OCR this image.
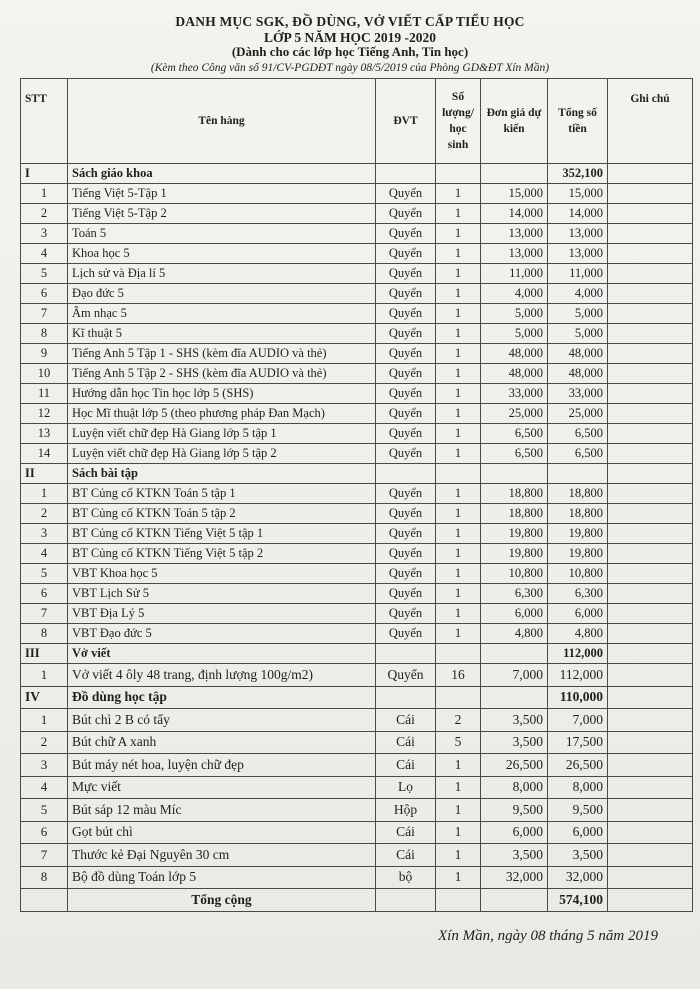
DANH MỤC SGK, ĐỒ DÙNG, VỞ VIẾT CẤP TIỂU HỌC
LỚP 5 NĂM HỌC 2019 -2020
(Dành cho các lớp học Tiếng Anh, Tin học)
(Kèm theo Công văn số 91/CV-PGDĐT ngày 08/5/2019 của Phòng GD&ĐT Xín Mần)
STT	Tên hàng	ĐVT	Số lượng/ học sinh	Đơn giá dự kiến	Tổng số tiền	Ghi chú
I	Sách giáo khoa				352,100	
1	Tiếng Việt 5-Tập 1	Quyển	1	15,000	15,000	
2	Tiếng Việt 5-Tập 2	Quyển	1	14,000	14,000	
3	Toán 5	Quyển	1	13,000	13,000	
4	Khoa học 5	Quyển	1	13,000	13,000	
5	Lịch sử và Địa lí 5	Quyển	1	11,000	11,000	
6	Đạo đức 5	Quyển	1	4,000	4,000	
7	Âm nhạc 5	Quyển	1	5,000	5,000	
8	Kĩ thuật 5	Quyển	1	5,000	5,000	
9	Tiếng Anh 5 Tập 1 - SHS (kèm đĩa AUDIO và thẻ)	Quyển	1	48,000	48,000	
10	Tiếng Anh 5 Tập 2 - SHS (kèm đĩa AUDIO và thẻ)	Quyển	1	48,000	48,000	
11	Hướng dẫn học Tin học lớp 5 (SHS)	Quyển	1	33,000	33,000	
12	Học Mĩ thuật lớp 5 (theo phương pháp Đan Mạch)	Quyển	1	25,000	25,000	
13	Luyện viết chữ đẹp Hà Giang lớp 5 tập 1	Quyển	1	6,500	6,500	
14	Luyện viết chữ đẹp Hà Giang lớp 5 tập 2	Quyển	1	6,500	6,500	
II	Sách bài tập					
1	BT Củng cố KTKN Toán 5 tập 1	Quyển	1	18,800	18,800	
2	BT Củng cố KTKN Toán 5 tập 2	Quyển	1	18,800	18,800	
3	BT Củng cố KTKN Tiếng Việt 5 tập 1	Quyển	1	19,800	19,800	
4	BT Củng cố KTKN Tiếng Việt 5 tập 2	Quyển	1	19,800	19,800	
5	VBT Khoa học 5	Quyển	1	10,800	10,800	
6	VBT Lịch Sử 5	Quyển	1	6,300	6,300	
7	VBT Địa Lý 5	Quyển	1	6,000	6,000	
8	VBT Đạo đức 5	Quyển	1	4,800	4,800	
III	Vở viết				112,000	
1	Vở viết 4 ôly 48 trang, định lượng 100g/m2)	Quyển	16	7,000	112,000	
IV	Đồ dùng học tập				110,000	
1	Bút chì 2 B có tẩy	Cái	2	3,500	7,000	
2	Bút chữ A xanh	Cái	5	3,500	17,500	
3	Bút máy nét hoa, luyện chữ đẹp	Cái	1	26,500	26,500	
4	Mực viết	Lọ	1	8,000	8,000	
5	Bút sáp 12 màu Míc	Hộp	1	9,500	9,500	
6	Gọt bút chì	Cái	1	6,000	6,000	
7	Thước kẻ Đại Nguyên 30 cm	Cái	1	3,500	3,500	
8	Bộ đồ dùng Toán lớp 5	bộ	1	32,000	32,000	
	Tổng cộng				574,100	
Xín Mần, ngày 08 tháng 5 năm 2019
